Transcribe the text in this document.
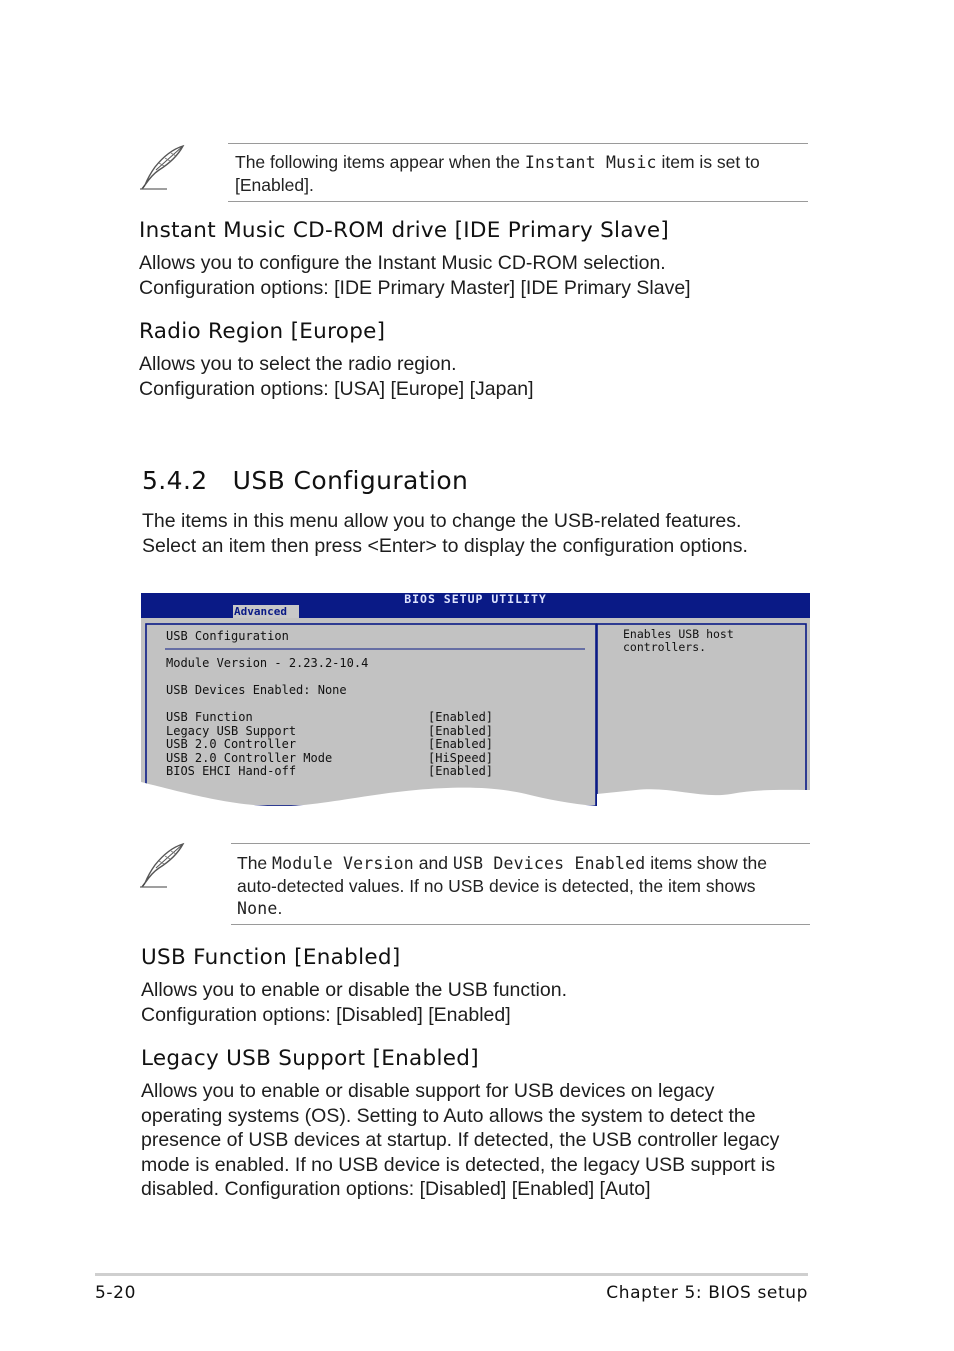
The following items appear when the Instant Music item is set to
[Enabled].
Instant Music CD-ROM drive [IDE Primary Slave]
Allows you to configure the Instant Music CD-ROM selection.
Configuration options: [IDE Primary Master] [IDE Primary Slave]
Radio Region [Europe]
Allows you to select the radio region.
Configuration options: [USA] [Europe] [Japan]
5.4.2   USB Configuration
The items in this menu allow you to change the USB-related features.
Select an item then press <Enter> to display the configuration options.
BIOS SETUP UTILITY
Advanced
USB Configuration
Module Version - 2.23.2-10.4
USB Devices Enabled: None
USB Function	[Enabled]
Legacy USB Support	[Enabled]
USB 2.0 Controller	[Enabled]
USB 2.0 Controller Mode	[HiSpeed]
BIOS EHCI Hand-off	[Enabled]
Enables USB host
controllers.
The Module Version and USB Devices Enabled items show the
auto-detected values. If no USB device is detected, the item shows
None.
USB Function [Enabled]
Allows you to enable or disable the USB function.
Configuration options: [Disabled] [Enabled]
Legacy USB Support [Enabled]
Allows you to enable or disable support for USB devices on legacy
operating systems (OS). Setting to Auto allows the system to detect the
presence of USB devices at startup. If detected, the USB controller legacy
mode is enabled. If no USB device is detected, the legacy USB support is
disabled. Configuration options: [Disabled] [Enabled] [Auto]
5-20	Chapter 5: BIOS setup
